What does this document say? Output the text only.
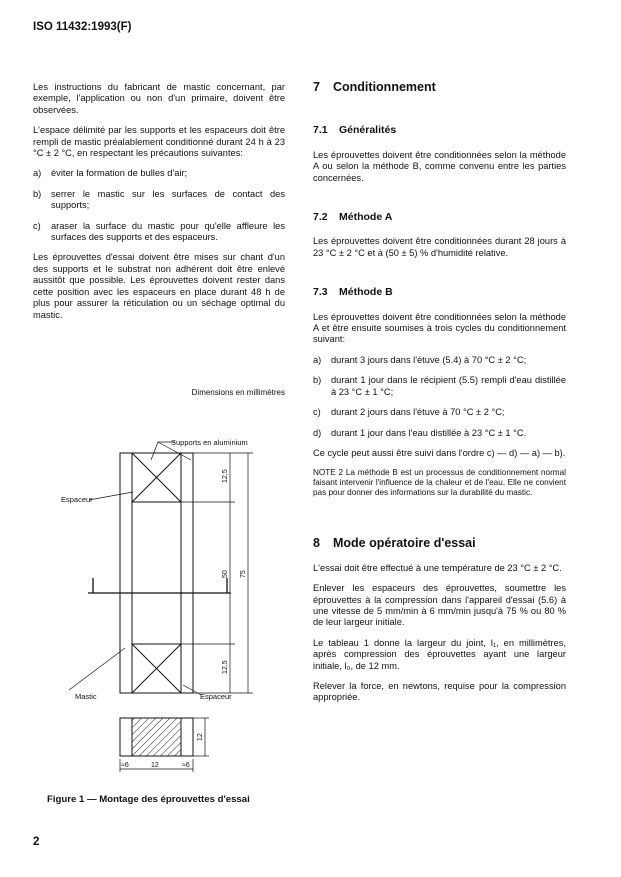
ISO 11432:1993(F)

Les instructions du fabricant de mastic concernant, par exemple, l'application ou non d'un primaire, doivent être observées.

L'espace délimité par les supports et les espaceurs doit être rempli de mastic préalablement conditionné durant 24 h à 23 °C ± 2 °C, en respectant les précautions suivantes:

a)	éviter la formation de bulles d'air;
b)	serrer le mastic sur les surfaces de contact des supports;
c)	araser la surface du mastic pour qu'elle affleure les surfaces des supports et des espaceurs.

Les éprouvettes d'essai doivent être mises sur chant d'un des supports et le substrat non adhérent doit être enlevé aussitôt que possible. Les éprouvettes doivent rester dans cette position avec les espaceurs en place durant 48 h de plus pour assurer la réticulation ou un séchage optimal du mastic.

Dimensions en millimètres
Supports en aluminium
Espaceur
Mastic	Espaceur
12,5
50 75
12,5
12
≈6	12	≈6
Figure 1 — Montage des éprouvettes d'essai
7	Conditionnement
7.1	Généralités

Les éprouvettes doivent être conditionnées selon la méthode A ou selon la méthode B, comme convenu entre les parties concernées.

7.2	Méthode A

Les éprouvettes doivent être conditionnées durant 28 jours à 23 °C ± 2 °C et à (50 ± 5) % d'humidité relative.

7.3	Méthode B

Les éprouvettes doivent être conditionnées selon la méthode A et être ensuite soumises à trois cycles du conditionnement suivant:

a)	durant 3 jours dans l'étuve (5.4) à 70 °C ± 2 °C;
b)	durant 1 jour dans le récipient (5.5) rempli d'eau distillée à 23 °C ± 1 °C;
c)	durant 2 jours dans l'étuve à 70 °C ± 2 °C;
d)	durant 1 jour dans l'eau distillée à 23 °C ± 1 °C.

Ce cycle peut aussi être suivi dans l'ordre c) — d) — a) — b).

NOTE 2 La méthode B est un processus de conditionnement normal faisant intervenir l'influence de la chaleur et de l'eau. Elle ne convient pas pour donner des informations sur la durabilité du mastic.

8	Mode opératoire d'essai

L'essai doit être effectué à une température de 23 °C ± 2 °C.

Enlever les espaceurs des éprouvettes, soumettre les éprouvettes à la compression dans l'appareil d'essai (5.6) à une vitesse de 5 mm/min à 6 mm/min jusqu'à 75 % ou 80 % de leur largeur initiale.

Le tableau 1 donne la largeur du joint, l₁, en millimètres, après compression des éprouvettes ayant une largeur initiale, l₀, de 12 mm.

Relever la force, en newtons, requise pour la compression appropriée.

2
